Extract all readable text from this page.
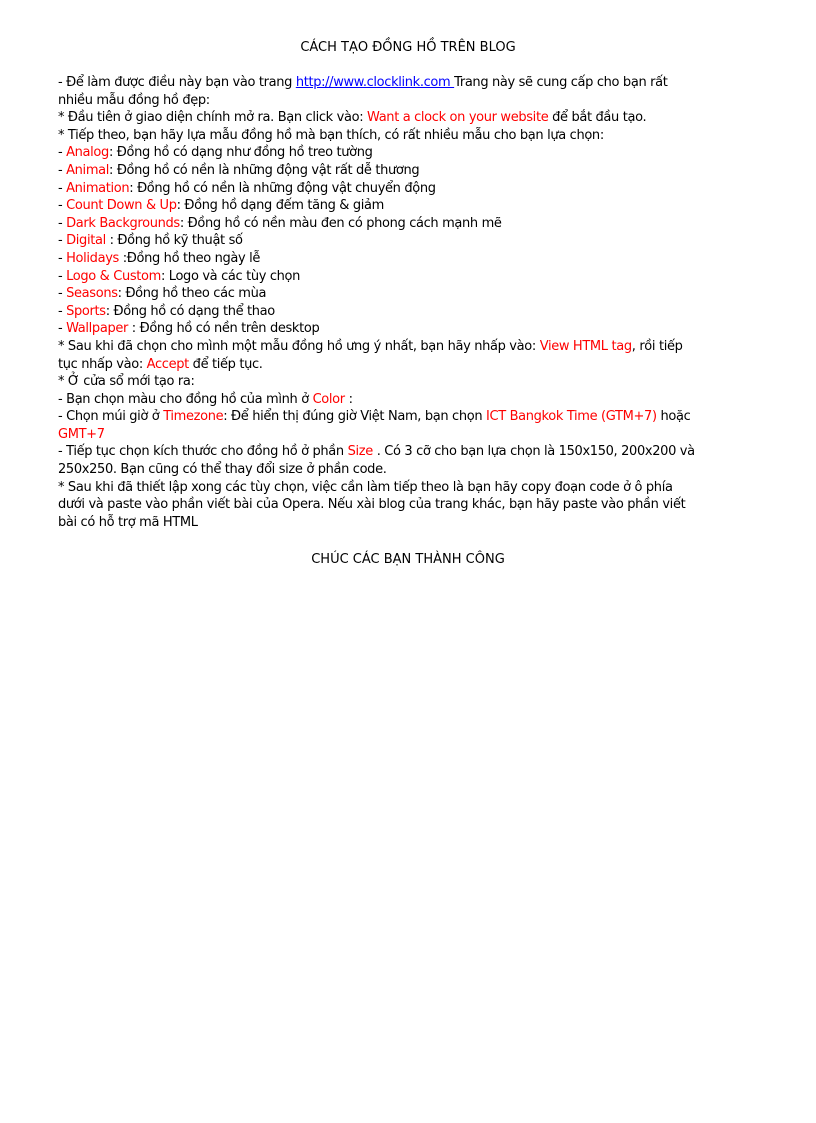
CÁCH TẠO ĐỒNG HỒ TRÊN BLOG
- Để làm được điều này bạn vào trang http://www.clocklink.com Trang này sẽ cung cấp cho bạn rất
nhiều mẫu đồng hồ đẹp:
* Đầu tiên ở giao diện chính mở ra. Bạn click vào: Want a clock on your website để bắt đầu tạo.
* Tiếp theo, bạn hãy lựa mẫu đồng hồ mà bạn thích, có rất nhiều mẫu cho bạn lựa chọn:
- Analog: Đồng hồ có dạng như đồng hồ treo tường
- Animal: Đồng hồ có nền là những động vật rất dễ thương
- Animation: Đồng hồ có nền là những động vật chuyển động
- Count Down & Up: Đồng hồ dạng đếm tăng & giảm
- Dark Backgrounds: Đồng hồ có nền màu đen có phong cách mạnh mẽ
- Digital : Đồng hồ kỹ thuật số
- Holidays :Đồng hồ theo ngày lễ
- Logo & Custom: Logo và các tùy chọn
- Seasons: Đồng hồ theo các mùa
- Sports: Đồng hồ có dạng thể thao
- Wallpaper : Đồng hồ có nền trên desktop
* Sau khi đã chọn cho mình một mẫu đồng hồ ưng ý nhất, bạn hãy nhấp vào: View HTML tag, rồi tiếp
tục nhấp vào: Accept để tiếp tục.
* Ở cửa sổ mới tạo ra:
- Bạn chọn màu cho đồng hồ của mình ở Color :
- Chọn múi giờ ở Timezone: Để hiển thị đúng giờ Việt Nam, bạn chọn ICT Bangkok Time (GTM+7) hoặc
GMT+7
- Tiếp tục chọn kích thước cho đồng hồ ở phần Size . Có 3 cỡ cho bạn lựa chọn là 150x150, 200x200 và
250x250. Bạn cũng có thể thay đổi size ở phần code.
* Sau khi đã thiết lập xong các tùy chọn, việc cần làm tiếp theo là bạn hãy copy đoạn code ở ô phía
dưới và paste vào phần viết bài của Opera. Nếu xài blog của trang khác, bạn hãy paste vào phần viết
bài có hỗ trợ mã HTML
CHÚC CÁC BẠN THÀNH CÔNG
